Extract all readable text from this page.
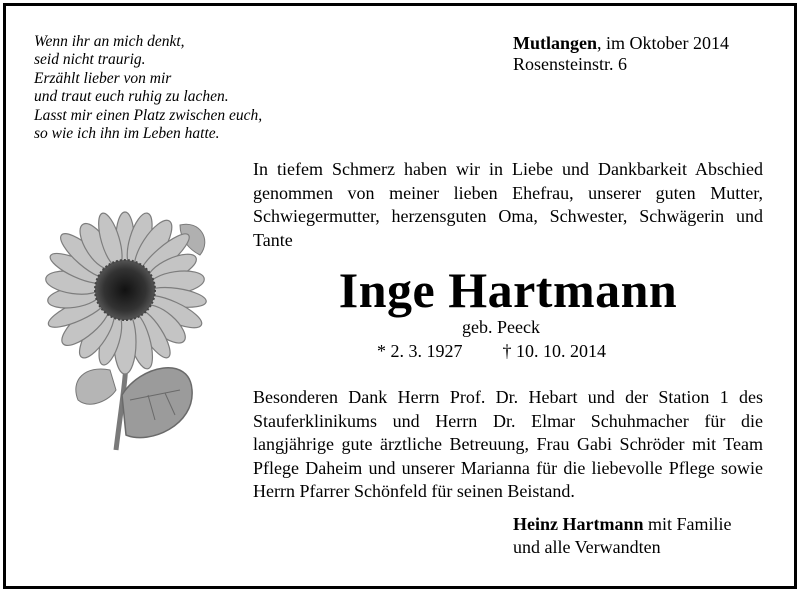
Wenn ihr an mich denkt,
seid nicht traurig.
Erzählt lieber von mir
und traut euch ruhig zu lachen.
Lasst mir einen Platz zwischen euch,
so wie ich ihn im Leben hatte.
Mutlangen, im Oktober 2014
Rosensteinstr. 6
In tiefem Schmerz haben wir in Liebe und Dankbarkeit Abschied genommen von meiner lieben Ehefrau, unserer guten Mutter, Schwiegermutter, herzensguten Oma, Schwester, Schwägerin und Tante
Inge Hartmann
geb. Peeck
* 2. 3. 1927 † 10. 10. 2014
Besonderen Dank Herrn Prof. Dr. Hebart und der Station 1 des Stauferklinikums und Herrn Dr. Elmar Schuhmacher für die langjährige gute ärztliche Betreuung, Frau Gabi Schröder mit Team Pflege Daheim und unserer Marianna für die liebevolle Pflege sowie Herrn Pfarrer Schönfeld für seinen Beistand.
Heinz Hartmann mit Familie
und alle Verwandten
